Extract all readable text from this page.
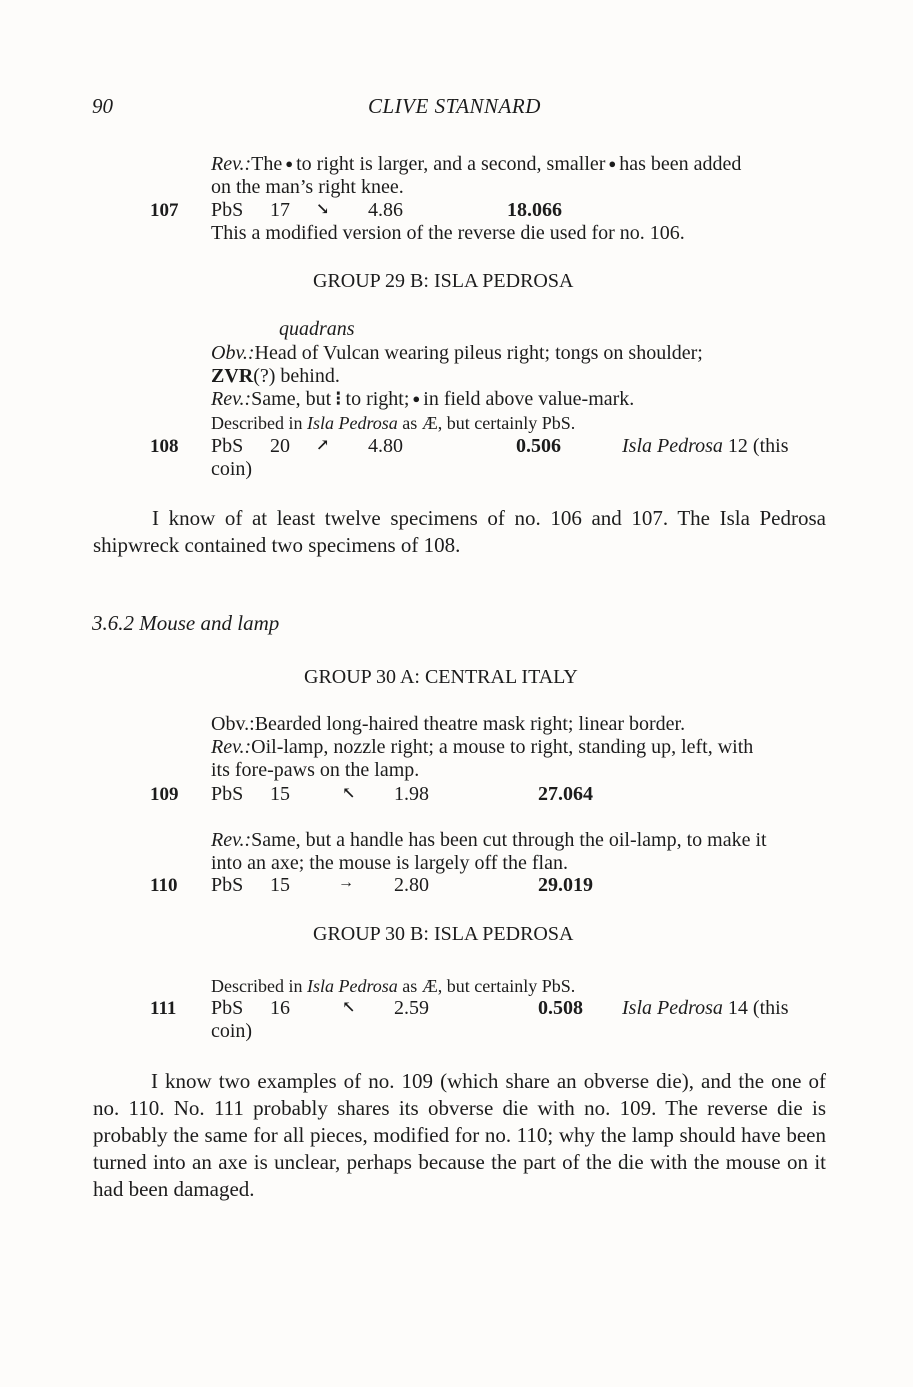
90	CLIVE STANNARD
Rev.:The ● to right is larger, and a second, smaller ● has been added
on the man’s right knee.
107 PbS 17 ↘ 4.86	18.066
This a modified version of the reverse die used for no. 106.
GROUP 29 B: ISLA PEDROSA
quadrans
Obv.:Head of Vulcan wearing pileus right; tongs on shoulder;
ZVR(?) behind.
Rev.:Same, but ⁝ to right; ● in field above value-mark.
Described in Isla Pedrosa as Æ, but certainly PbS.
108 PbS 20 ↗ 4.80	0.506	Isla Pedrosa 12 (this
coin)

I know of at least twelve specimens of no. 106 and 107. The Isla Pedrosa shipwreck contained two specimens of 108.

3.6.2 Mouse and lamp
GROUP 30 A: CENTRAL ITALY
Obv.:Bearded long-haired theatre mask right; linear border.
Rev.:Oil-lamp, nozzle right; a mouse to right, standing up, left, with
its fore-paws on the lamp.
109 PbS 15	↖ 1.98	27.064
Rev.:Same, but a handle has been cut through the oil-lamp, to make it
into an axe; the mouse is largely off the flan.
110 PbS 15	→ 2.80	29.019
GROUP 30 B: ISLA PEDROSA
Described in Isla Pedrosa as Æ, but certainly PbS.
111 PbS 16	↖ 2.59	0.508 Isla Pedrosa 14 (this
coin)

I know two examples of no. 109 (which share an obverse die), and the one of no. 110. No. 111 probably shares its obverse die with no. 109. The reverse die is probably the same for all pieces, modified for no. 110; why the lamp should have been turned into an axe is unclear, perhaps because the part of the die with the mouse on it had been damaged.
